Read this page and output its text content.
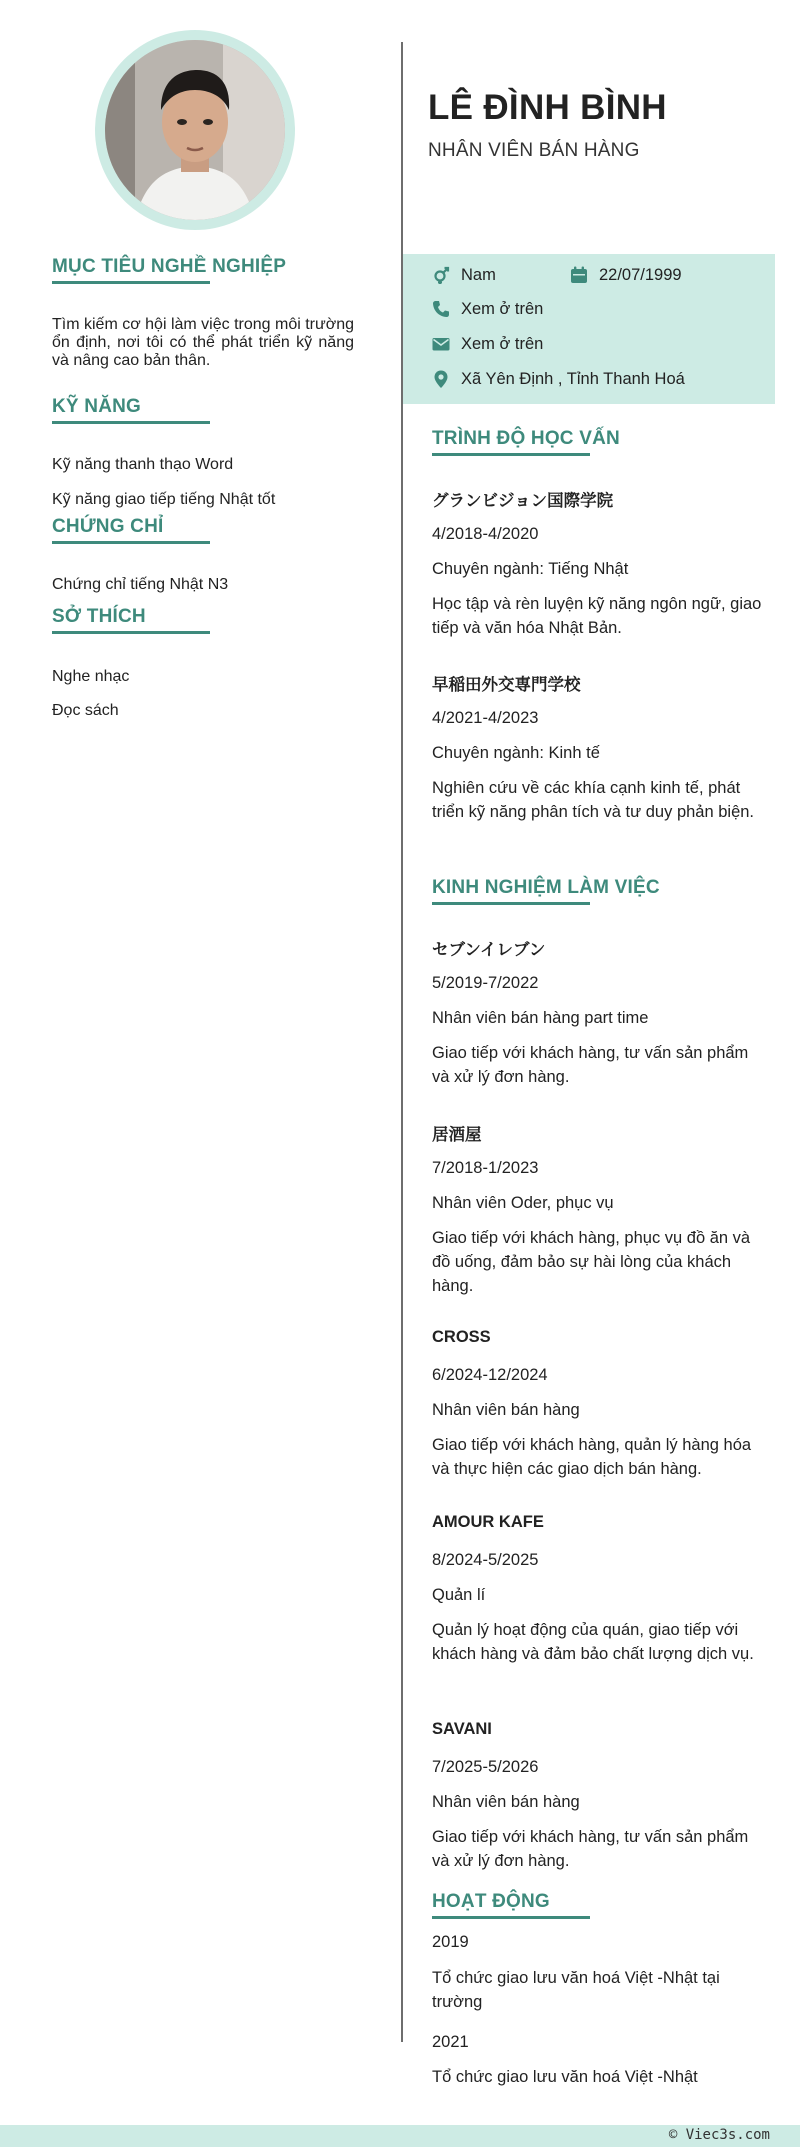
MỤC TIÊU NGHỀ NGHIỆP

Tìm kiếm cơ hội làm việc trong môi trường ổn định, nơi tôi có thể phát triển kỹ năng và nâng cao bản thân.

KỸ NĂNG

Kỹ năng thanh thạo Word

Kỹ năng giao tiếp tiếng Nhật tốt

CHỨNG CHỈ

Chứng chỉ tiếng Nhật N3

SỞ THÍCH

Nghe nhạc

Đọc sách

LÊ ĐÌNH BÌNH
NHÂN VIÊN BÁN HÀNG
Nam	22/07/1999
Xem ở trên
Xem ở trên
Xã Yên Định , Tỉnh Thanh Hoá
TRÌNH ĐỘ HỌC VẤN
グランビジョン国際学院
4/2018-4/2020
Chuyên ngành: Tiếng Nhật
Học tập và rèn luyện kỹ năng ngôn ngữ, giao tiếp và văn hóa Nhật Bản.
早稲田外交専門学校
4/2021-4/2023
Chuyên ngành: Kinh tế
Nghiên cứu về các khía cạnh kinh tế, phát triển kỹ năng phân tích và tư duy phản biện.
KINH NGHIỆM LÀM VIỆC
セブンイレブン
5/2019-7/2022
Nhân viên bán hàng part time
Giao tiếp với khách hàng, tư vấn sản phẩm và xử lý đơn hàng.
居酒屋
7/2018-1/2023
Nhân viên Oder, phục vụ
Giao tiếp với khách hàng, phục vụ đồ ăn và đồ uống, đảm bảo sự hài lòng của khách hàng.
CROSS
6/2024-12/2024
Nhân viên bán hàng
Giao tiếp với khách hàng, quản lý hàng hóa và thực hiện các giao dịch bán hàng.
AMOUR KAFE
8/2024-5/2025
Quản lí
Quản lý hoạt động của quán, giao tiếp với khách hàng và đảm bảo chất lượng dịch vụ.
SAVANI
7/2025-5/2026
Nhân viên bán hàng
Giao tiếp với khách hàng, tư vấn sản phẩm và xử lý đơn hàng.
HOẠT ĐỘNG
2019
Tổ chức giao lưu văn hoá Việt -Nhật tại trường
2021
Tổ chức giao lưu văn hoá Việt -Nhật
© Viec3s.com
